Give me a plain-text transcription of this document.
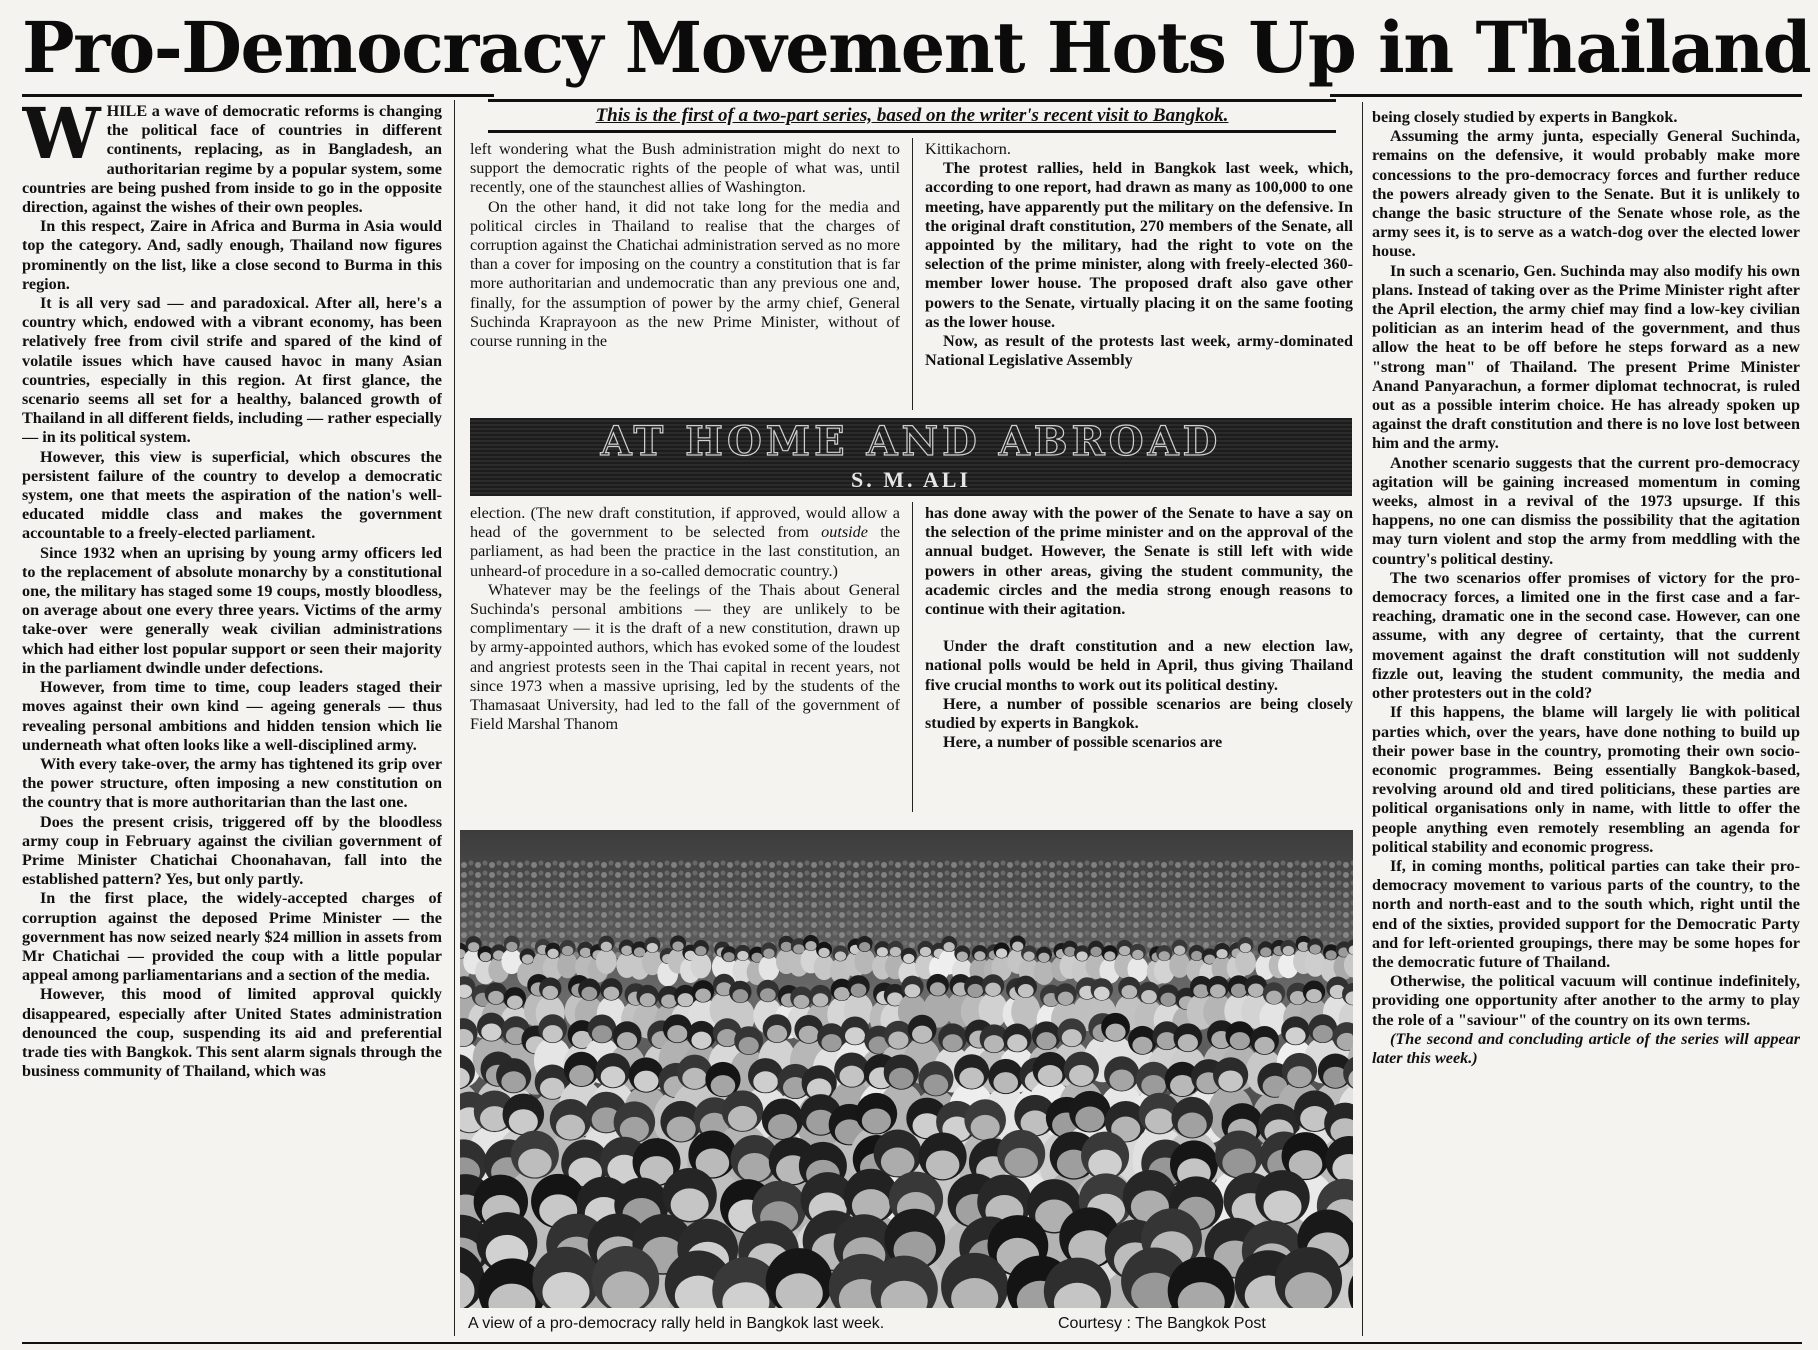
Pro-Democracy Movement Hots Up in Thailand
This is the first of a two-part series, based on the writer's recent visit to Bangkok.

WHILE a wave of democratic reforms is changing the political face of countries in different continents, replacing, as in Bangladesh, an authoritarian regime by a popular system, some countries are being pushed from inside to go in the opposite direction, against the wishes of their own peoples.

In this respect, Zaire in Africa and Burma in Asia would top the category. And, sadly enough, Thailand now figures prominently on the list, like a close second to Burma in this region.

It is all very sad — and paradoxical. After all, here's a country which, endowed with a vibrant economy, has been relatively free from civil strife and spared of the kind of volatile issues which have caused havoc in many Asian countries, especially in this region. At first glance, the scenario seems all set for a healthy, balanced growth of Thailand in all different fields, including — rather especially — in its political system.

However, this view is superficial, which obscures the persistent failure of the country to develop a democratic system, one that meets the aspiration of the nation's well-educated middle class and makes the government accountable to a freely-elected parliament.

Since 1932 when an uprising by young army officers led to the replacement of absolute monarchy by a constitutional one, the military has staged some 19 coups, mostly bloodless, on average about one every three years. Victims of the army take-over were generally weak civilian administrations which had either lost popular support or seen their majority in the parliament dwindle under defections.

However, from time to time, coup leaders staged their moves against their own kind — ageing generals — thus revealing personal ambitions and hidden tension which lie underneath what often looks like a well-disciplined army.

With every take-over, the army has tightened its grip over the power structure, often imposing a new constitution on the country that is more authoritarian than the last one.

Does the present crisis, triggered off by the bloodless army coup in February against the civilian government of Prime Minister Chatichai Choonahavan, fall into the established pattern? Yes, but only partly.

In the first place, the widely-accepted charges of corruption against the deposed Prime Minister — the government has now seized nearly $24 million in assets from Mr Chatichai — provided the coup with a little popular appeal among parliamentarians and a section of the media.

However, this mood of limited approval quickly disappeared, especially after United States administration denounced the coup, suspending its aid and preferential trade ties with Bangkok. This sent alarm signals through the business community of Thailand, which was

left wondering what the Bush administration might do next to support the democratic rights of the people of what was, until recently, one of the staunchest allies of Washington.

On the other hand, it did not take long for the media and political circles in Thailand to realise that the charges of corruption against the Chatichai administration served as no more than a cover for imposing on the country a constitution that is far more authoritarian and undemocratic than any previous one and, finally, for the assumption of power by the army chief, General Suchinda Kraprayoon as the new Prime Minister, without of course running in the

Kittikachorn.

The protest rallies, held in Bangkok last week, which, according to one report, had drawn as many as 100,000 to one meeting, have apparently put the military on the defensive. In the original draft constitution, 270 members of the Senate, all appointed by the military, had the right to vote on the selection of the prime minister, along with freely-elected 360-member lower house. The proposed draft also gave other powers to the Senate, virtually placing it on the same footing as the lower house.

Now, as result of the protests last week, army-dominated National Legislative Assembly

AT HOME AND ABROAD
S. M. ALI

election. (The new draft constitution, if approved, would allow a head of the government to be selected from outside the parliament, as had been the practice in the last constitution, an unheard-of procedure in a so-called democratic country.)

Whatever may be the feelings of the Thais about General Suchinda's personal ambitions — they are unlikely to be complimentary — it is the draft of a new constitution, drawn up by army-appointed authors, which has evoked some of the loudest and angriest protests seen in the Thai capital in recent years, not since 1973 when a massive uprising, led by the students of the Thamasaat University, had led to the fall of the government of Field Marshal Thanom

has done away with the power of the Senate to have a say on the selection of the prime minister and on the approval of the annual budget. However, the Senate is still left with wide powers in other areas, giving the student community, the academic circles and the media strong enough reasons to continue with their agitation.

Under the draft constitution and a new election law, national polls would be held in April, thus giving Thailand five crucial months to work out its political destiny.

Here, a number of possible scenarios are being closely studied by experts in Bangkok.

Here, a number of possible scenarios are

A view of a pro-democracy rally held in Bangkok last week.	Courtesy : The Bangkok Post

being closely studied by experts in Bangkok.

Assuming the army junta, especially General Suchinda, remains on the defensive, it would probably make more concessions to the pro-democracy forces and further reduce the powers already given to the Senate. But it is unlikely to change the basic structure of the Senate whose role, as the army sees it, is to serve as a watch-dog over the elected lower house.

In such a scenario, Gen. Suchinda may also modify his own plans. Instead of taking over as the Prime Minister right after the April election, the army chief may find a low-key civilian politician as an interim head of the government, and thus allow the heat to be off before he steps forward as a new "strong man" of Thailand. The present Prime Minister Anand Panyarachun, a former diplomat technocrat, is ruled out as a possible interim choice. He has already spoken up against the draft constitution and there is no love lost between him and the army.

Another scenario suggests that the current pro-democracy agitation will be gaining increased momentum in coming weeks, almost in a revival of the 1973 upsurge. If this happens, no one can dismiss the possibility that the agitation may turn violent and stop the army from meddling with the country's political destiny.

The two scenarios offer promises of victory for the pro-democracy forces, a limited one in the first case and a far-reaching, dramatic one in the second case. However, can one assume, with any degree of certainty, that the current movement against the draft constitution will not suddenly fizzle out, leaving the student community, the media and other protesters out in the cold?

If this happens, the blame will largely lie with political parties which, over the years, have done nothing to build up their power base in the country, promoting their own socio-economic programmes. Being essentially Bangkok-based, revolving around old and tired politicians, these parties are political organisations only in name, with little to offer the people anything even remotely resembling an agenda for political stability and economic progress.

If, in coming months, political parties can take their pro-democracy movement to various parts of the country, to the north and north-east and to the south which, right until the end of the sixties, provided support for the Democratic Party and for left-oriented groupings, there may be some hopes for the democratic future of Thailand.

Otherwise, the political vacuum will continue indefinitely, providing one opportunity after another to the army to play the role of a "saviour" of the country on its own terms.

(The second and concluding article of the series will appear later this week.)
